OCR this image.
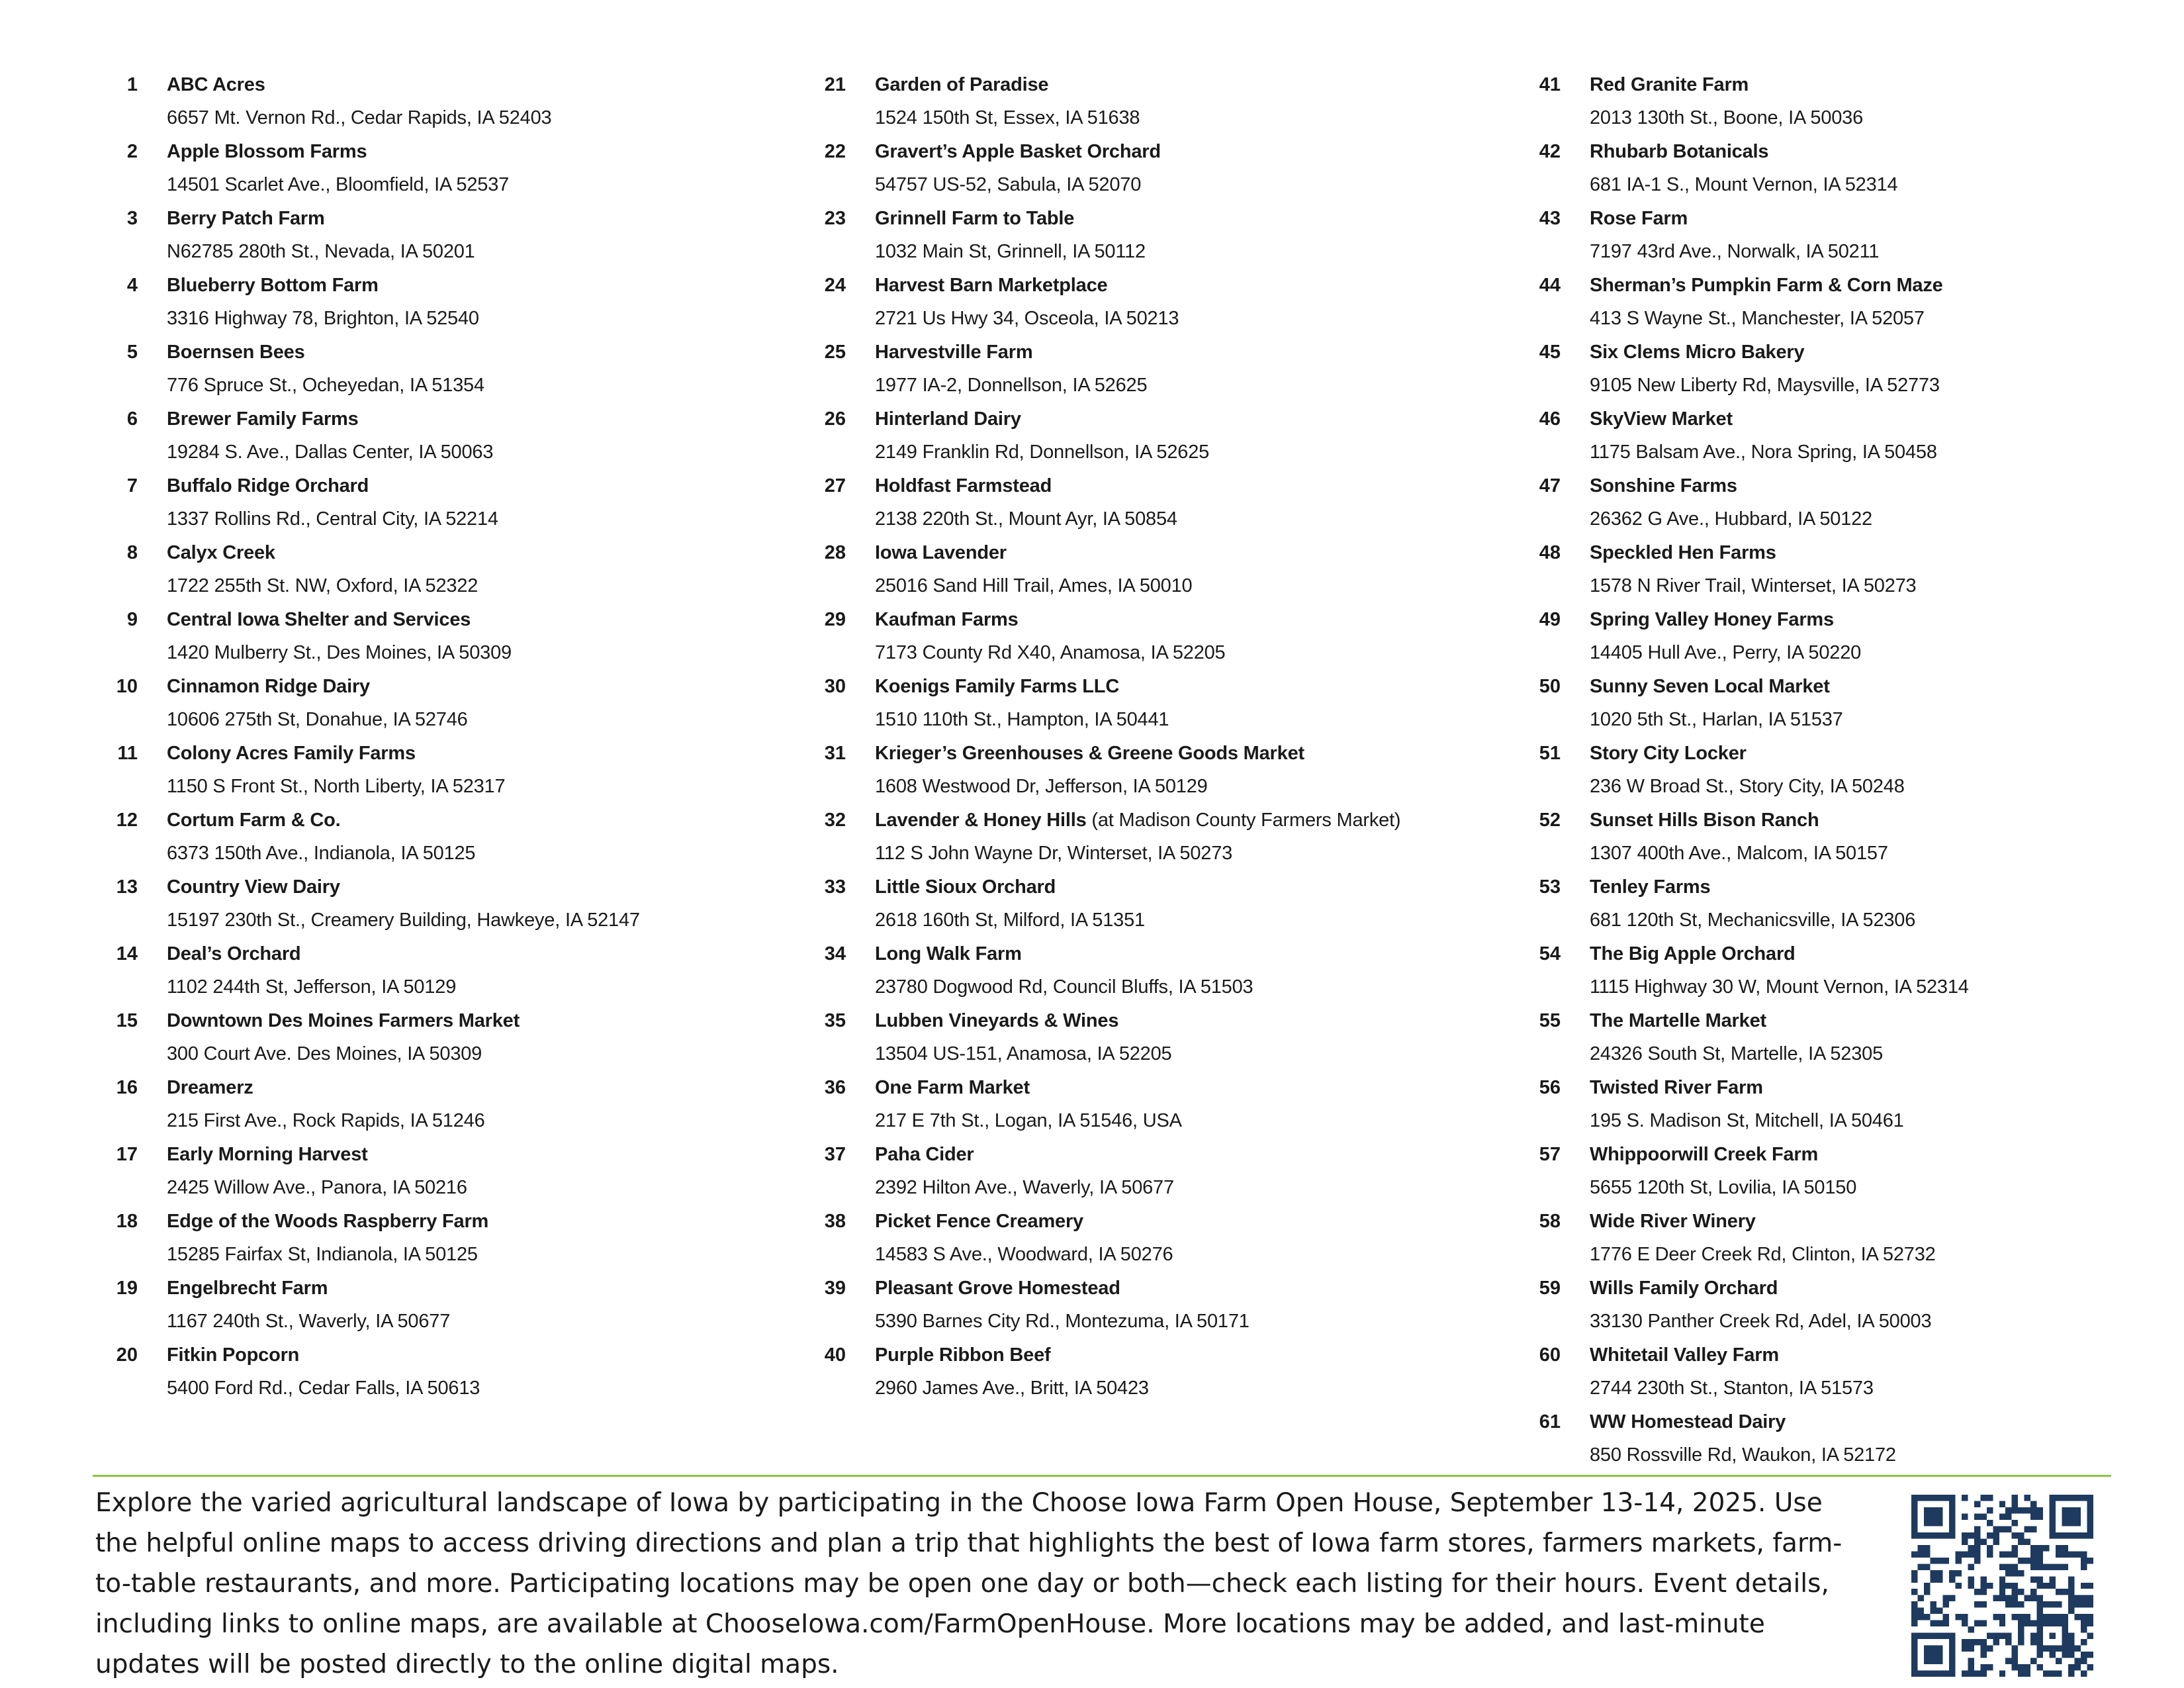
1 ABC Acres
6657 Mt. Vernon Rd., Cedar Rapids, IA 52403
2 Apple Blossom Farms
14501 Scarlet Ave., Bloomfield, IA 52537
3 Berry Patch Farm
N62785 280th St., Nevada, IA 50201
4 Blueberry Bottom Farm
3316 Highway 78, Brighton, IA 52540
5 Boernsen Bees
776 Spruce St., Ocheyedan, IA 51354
6 Brewer Family Farms
19284 S. Ave., Dallas Center, IA 50063
7 Buffalo Ridge Orchard
1337 Rollins Rd., Central City, IA 52214
8 Calyx Creek
1722 255th St. NW, Oxford, IA 52322
9 Central Iowa Shelter and Services
1420 Mulberry St., Des Moines, IA 50309
10 Cinnamon Ridge Dairy
10606 275th St, Donahue, IA 52746
11 Colony Acres Family Farms
1150 S Front St., North Liberty, IA 52317
12 Cortum Farm & Co.
6373 150th Ave., Indianola, IA 50125
13 Country View Dairy
15197 230th St., Creamery Building, Hawkeye, IA 52147
14 Deal’s Orchard
1102 244th St, Jefferson, IA 50129
15 Downtown Des Moines Farmers Market
300 Court Ave. Des Moines, IA 50309
16 Dreamerz
215 First Ave., Rock Rapids, IA 51246
17 Early Morning Harvest
2425 Willow Ave., Panora, IA 50216
18 Edge of the Woods Raspberry Farm
15285 Fairfax St, Indianola, IA 50125
19 Engelbrecht Farm
1167 240th St., Waverly, IA 50677
20 Fitkin Popcorn
5400 Ford Rd., Cedar Falls, IA 50613
21 Garden of Paradise
1524 150th St, Essex, IA 51638
22 Gravert’s Apple Basket Orchard
54757 US-52, Sabula, IA 52070
23 Grinnell Farm to Table
1032 Main St, Grinnell, IA 50112
24 Harvest Barn Marketplace
2721 Us Hwy 34, Osceola, IA 50213
25 Harvestville Farm
1977 IA-2, Donnellson, IA 52625
26 Hinterland Dairy
2149 Franklin Rd, Donnellson, IA 52625
27 Holdfast Farmstead
2138 220th St., Mount Ayr, IA 50854
28 Iowa Lavender
25016 Sand Hill Trail, Ames, IA 50010
29 Kaufman Farms
7173 County Rd X40, Anamosa, IA 52205
30 Koenigs Family Farms LLC
1510 110th St., Hampton, IA 50441
31 Krieger’s Greenhouses & Greene Goods Market
1608 Westwood Dr, Jefferson, IA 50129
32 Lavender & Honey Hills (at Madison County Farmers Market)
112 S John Wayne Dr, Winterset, IA 50273
33 Little Sioux Orchard
2618 160th St, Milford, IA 51351
34 Long Walk Farm
23780 Dogwood Rd, Council Bluffs, IA 51503
35 Lubben Vineyards & Wines
13504 US-151, Anamosa, IA 52205
36 One Farm Market
217 E 7th St., Logan, IA 51546, USA
37 Paha Cider
2392 Hilton Ave., Waverly, IA 50677
38 Picket Fence Creamery
14583 S Ave., Woodward, IA 50276
39 Pleasant Grove Homestead
5390 Barnes City Rd., Montezuma, IA 50171
40 Purple Ribbon Beef
2960 James Ave., Britt, IA 50423
41 Red Granite Farm
2013 130th St., Boone, IA 50036
42 Rhubarb Botanicals
681 IA-1 S., Mount Vernon, IA 52314
43 Rose Farm
7197 43rd Ave., Norwalk, IA 50211
44 Sherman’s Pumpkin Farm & Corn Maze
413 S Wayne St., Manchester, IA 52057
45 Six Clems Micro Bakery
9105 New Liberty Rd, Maysville, IA 52773
46 SkyView Market
1175 Balsam Ave., Nora Spring, IA 50458
47 Sonshine Farms
26362 G Ave., Hubbard, IA 50122
48 Speckled Hen Farms
1578 N River Trail, Winterset, IA 50273
49 Spring Valley Honey Farms
14405 Hull Ave., Perry, IA 50220
50 Sunny Seven Local Market
1020 5th St., Harlan, IA 51537
51 Story City Locker
236 W Broad St., Story City, IA 50248
52 Sunset Hills Bison Ranch
1307 400th Ave., Malcom, IA 50157
53 Tenley Farms
681 120th St, Mechanicsville, IA 52306
54 The Big Apple Orchard
1115 Highway 30 W, Mount Vernon, IA 52314
55 The Martelle Market
24326 South St, Martelle, IA 52305
56 Twisted River Farm
195 S. Madison St, Mitchell, IA 50461
57 Whippoorwill Creek Farm
5655 120th St, Lovilia, IA 50150
58 Wide River Winery
1776 E Deer Creek Rd, Clinton, IA 52732
59 Wills Family Orchard
33130 Panther Creek Rd, Adel, IA 50003
60 Whitetail Valley Farm
2744 230th St., Stanton, IA 51573
61 WW Homestead Dairy
850 Rossville Rd, Waukon, IA 52172
Explore the varied agricultural landscape of Iowa by participating in the Choose Iowa Farm Open House, September 13-14, 2025. Use the helpful online maps to access driving directions and plan a trip that highlights the best of Iowa farm stores, farmers markets, farm-to-table restaurants, and more. Participating locations may be open one day or both—check each listing for their hours. Event details, including links to online maps, are available at ChooseIowa.com/FarmOpenHouse. More locations may be added, and last-minute updates will be posted directly to the online digital maps.
